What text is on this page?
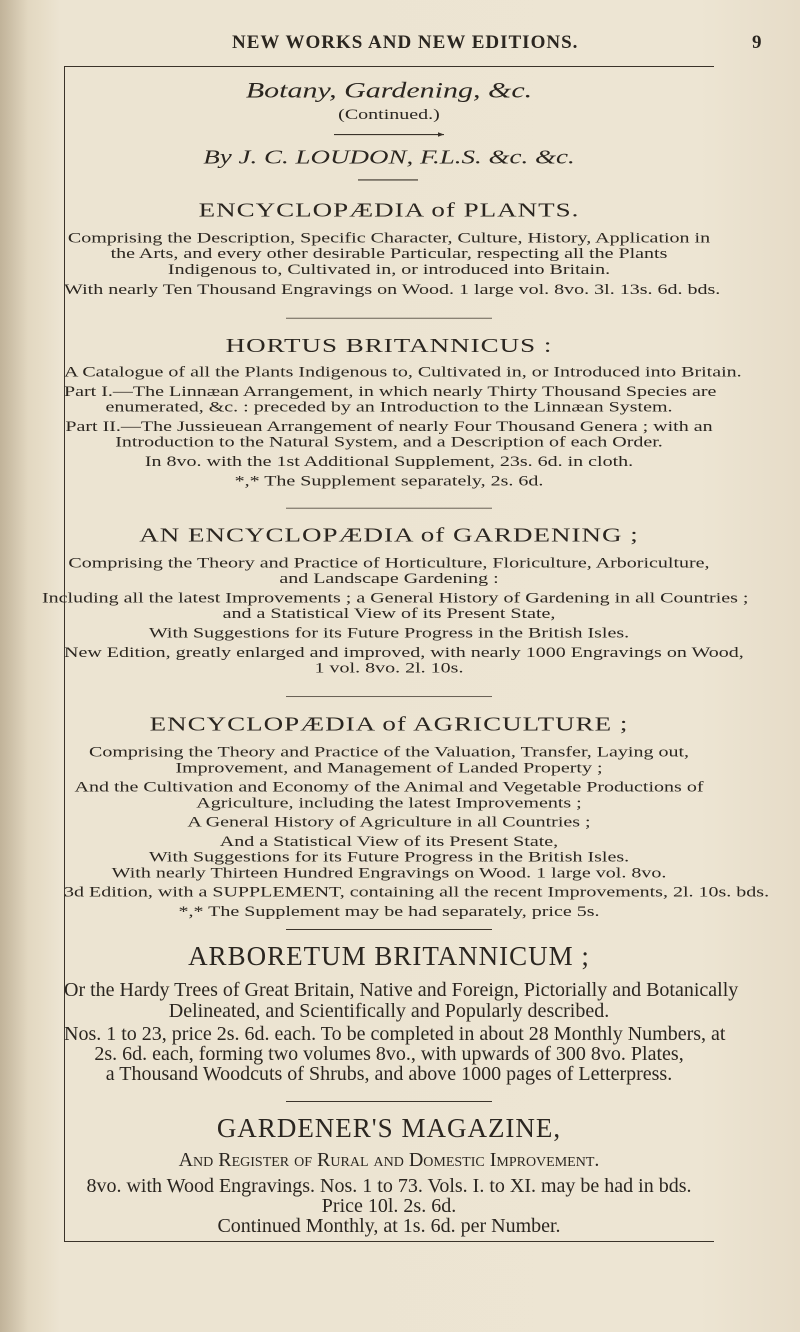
NEW WORKS AND NEW EDITIONS.	9
Botany, Gardening, &c.
(Continued.)
By J. C. LOUDON, F.L.S. &c. &c.
ENCYCLOPÆDIA of PLANTS.
Comprising the Description, Specific Character, Culture, History, Application in
the Arts, and every other desirable Particular, respecting all the Plants
Indigenous to, Cultivated in, or introduced into Britain.
With nearly Ten Thousand Engravings on Wood. 1 large vol. 8vo. 3l. 13s. 6d. bds.
HORTUS BRITANNICUS :
A Catalogue of all the Plants Indigenous to, Cultivated in, or Introduced into Britain.
Part I.—The Linnæan Arrangement, in which nearly Thirty Thousand Species are
enumerated, &c. : preceded by an Introduction to the Linnæan System.
Part II.—The Jussieuean Arrangement of nearly Four Thousand Genera ; with an
Introduction to the Natural System, and a Description of each Order.
In 8vo. with the 1st Additional Supplement, 23s. 6d. in cloth.
*,* The Supplement separately, 2s. 6d.
AN ENCYCLOPÆDIA of GARDENING ;
Comprising the Theory and Practice of Horticulture, Floriculture, Arboriculture,
and Landscape Gardening :
Including all the latest Improvements ; a General History of Gardening in all Countries ;
and a Statistical View of its Present State,
With Suggestions for its Future Progress in the British Isles.
New Edition, greatly enlarged and improved, with nearly 1000 Engravings on Wood,
1 vol. 8vo. 2l. 10s.
ENCYCLOPÆDIA of AGRICULTURE ;
Comprising the Theory and Practice of the Valuation, Transfer, Laying out,
Improvement, and Management of Landed Property ;
And the Cultivation and Economy of the Animal and Vegetable Productions of
Agriculture, including the latest Improvements ;
A General History of Agriculture in all Countries ;
And a Statistical View of its Present State,
With Suggestions for its Future Progress in the British Isles.
With nearly Thirteen Hundred Engravings on Wood. 1 large vol. 8vo.
3d Edition, with a SUPPLEMENT, containing all the recent Improvements, 2l. 10s. bds.
*,* The Supplement may be had separately, price 5s.
ARBORETUM BRITANNICUM ;
Or the Hardy Trees of Great Britain, Native and Foreign, Pictorially and Botanically
Delineated, and Scientifically and Popularly described.
Nos. 1 to 23, price 2s. 6d. each. To be completed in about 28 Monthly Numbers, at
2s. 6d. each, forming two volumes 8vo., with upwards of 300 8vo. Plates,
a Thousand Woodcuts of Shrubs, and above 1000 pages of Letterpress.
GARDENER'S MAGAZINE,
And Register of Rural and Domestic Improvement.
8vo. with Wood Engravings. Nos. 1 to 73. Vols. I. to XI. may be had in bds.
Price 10l. 2s. 6d.
Continued Monthly, at 1s. 6d. per Number.
